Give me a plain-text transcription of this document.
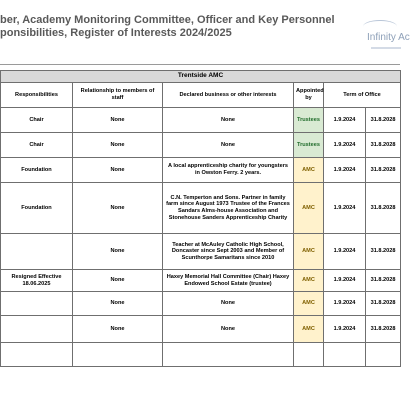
ber, Academy Monitoring Committee, Officer and Key Personnel
ponsibilities, Register of Interests 2024/2025	Infinity Ac
Trentside AMC					
	Responsibilities	Relationship to members of staff	Declared business or other interests	Appointed by	Term of Office	
	Chair	None	None	Trustees	1.9.2024	31.8.2028
	Chair	None	None	Trustees	1.9.2024	31.8.2028
	Foundation	None	A local apprenticeship charity for youngsters in Owston Ferry. 2 years.	AMC	1.9.2024	31.8.2028
	Foundation	None	C.N. Temperton and Sons. Partner in family farm since August 1973 Trustee of the Frances Sandars Alms-house Association and Stonehouse Sanders Apprenticeship Charity	AMC	1.9.2024	31.8.2028
		None	Teacher at McAuley Catholic High School, Doncaster since Sept 2003 and Member of Scunthorpe Samaritans since 2010	AMC	1.9.2024	31.8.2028
	Resigned Effective 18.06.2025	None	Haxey Memorial Hall Committee (Chair) Haxey Endowed School Estate (trustee)	AMC	1.9.2024	31.8.2028
		None	None	AMC	1.9.2024	31.8.2028
		None	None	AMC	1.9.2024	31.8.2028
